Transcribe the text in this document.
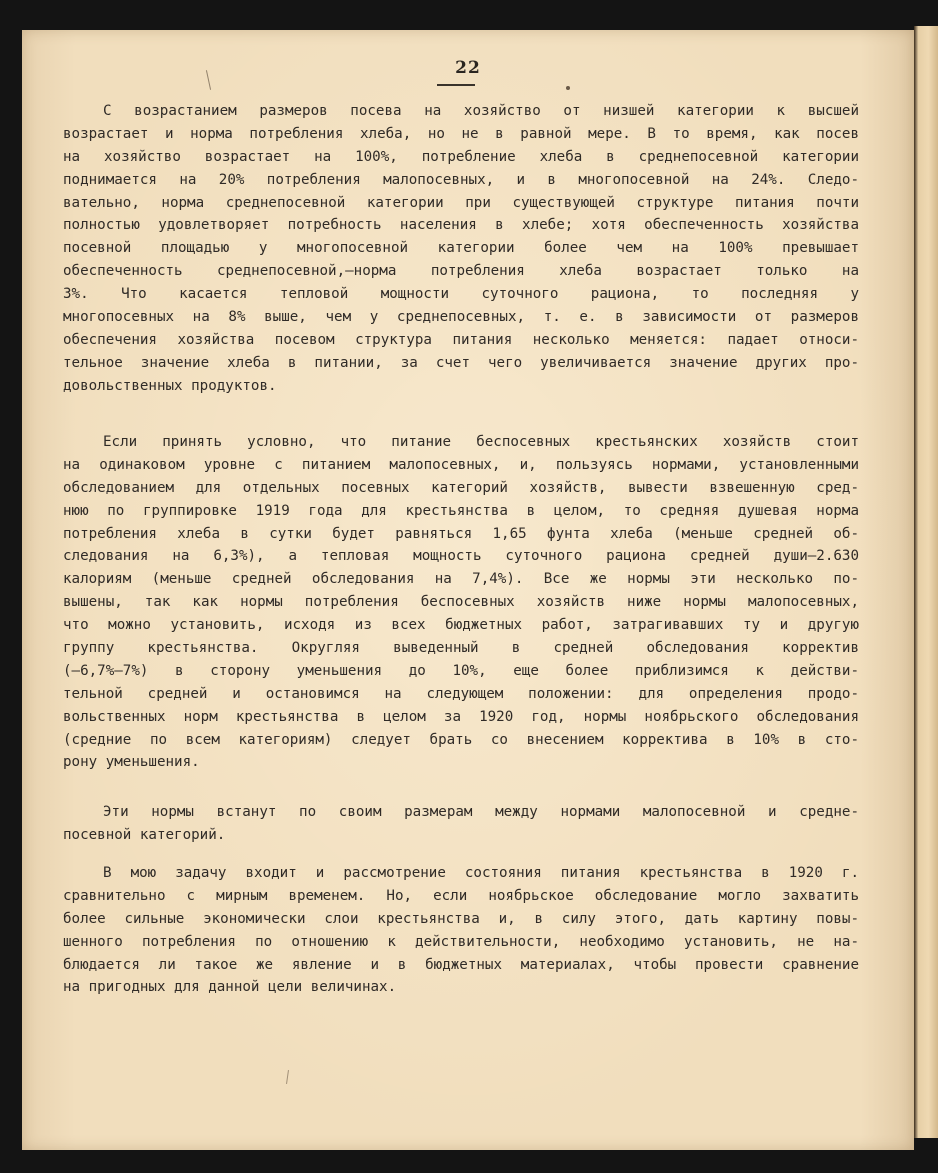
22
С возрастанием размеров посева на хозяйство от низшей категории к высшей
возрастает и норма потребления хлеба, но не в равной мере. В то время, как посев
на хозяйство возрастает на 100%, потребление хлеба в среднепосевной категории
поднимается на 20% потребления малопосевных, и в многопосевной на 24%. Следо-
вательно, норма среднепосевной категории при существующей структуре питания почти
полностью удовлетворяет потребность населения в хлебе; хотя обеспеченность хозяйства
посевной площадью у многопосевной категории более чем на 100% превышает
обеспеченность среднепосевной,—норма потребления хлеба возрастает только на
3%. Что касается тепловой мощности суточного рациона, то последняя у
многопосевных на 8% выше, чем у среднепосевных, т. е. в зависимости от размеров
обеспечения хозяйства посевом структура питания несколько меняется: падает относи-
тельное значение хлеба в питании, за счет чего увеличивается значение других про-
довольственных продуктов.
Если принять условно, что питание беспосевных крестьянских хозяйств стоит
на одинаковом уровне с питанием малопосевных, и, пользуясь нормами, установленными
обследованием для отдельных посевных категорий хозяйств, вывести взвешенную сред-
нюю по группировке 1919 года для крестьянства в целом, то средняя душевая норма
потребления хлеба в сутки будет равняться 1,65 фунта хлеба (меньше средней об-
следования на 6,3%), а тепловая мощность суточного рациона средней души—2.630
калориям (меньше средней обследования на 7,4%). Все же нормы эти несколько по-
вышены, так как нормы потребления беспосевных хозяйств ниже нормы малопосевных,
что можно установить, исходя из всех бюджетных работ, затрагивавших ту и другую
группу крестьянства. Округляя выведенный в средней обследования корректив
(—6,7%—7%) в сторону уменьшения до 10%, еще более приблизимся к действи-
тельной средней и остановимся на следующем положении: для определения продо-
вольственных норм крестьянства в целом за 1920 год, нормы ноябрьского обследования
(средние по всем категориям) следует брать со внесением корректива в 10% в сто-
рону уменьшения.
Эти нормы встанут по своим размерам между нормами малопосевной и средне-
посевной категорий.
В мою задачу входит и рассмотрение состояния питания крестьянства в 1920 г.
сравнительно с мирным временем. Но, если ноябрьское обследование могло захватить
более сильные экономически слои крестьянства и, в силу этого, дать картину повы-
шенного потребления по отношению к действительности, необходимо установить, не на-
блюдается ли такое же явление и в бюджетных материалах, чтобы провести сравнение
на пригодных для данной цели величинах.
